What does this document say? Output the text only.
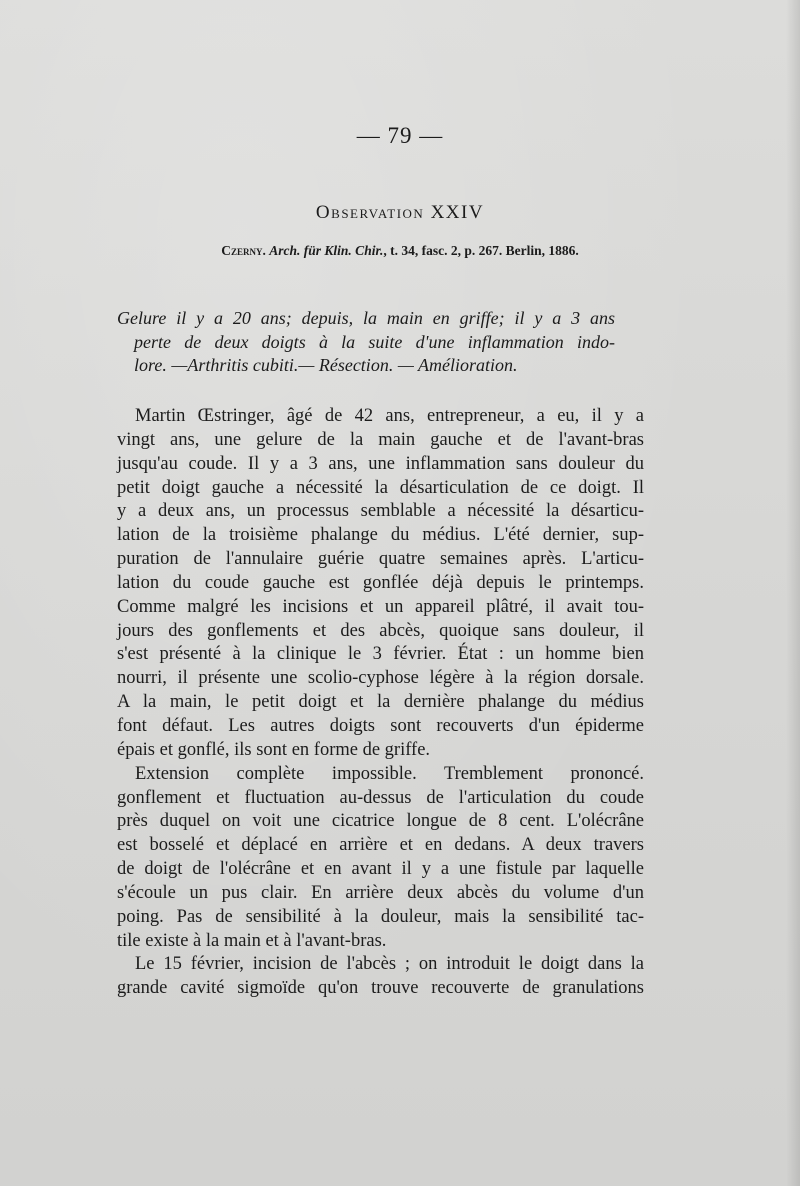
— 79 —
Observation XXIV
Czerny. Arch. für Klin. Chir., t. 34, fasc. 2, p. 267. Berlin, 1886.
Gelure il y a 20 ans; depuis, la main en griffe; il y a 3 ans
perte de deux doigts à la suite d'une inflammation indo-
lore. —Arthritis cubiti.— Résection. — Amélioration.
Martin Œstringer, âgé de 42 ans, entrepreneur, a eu, il y a
vingt ans, une gelure de la main gauche et de l'avant-bras
jusqu'au coude. Il y a 3 ans, une inflammation sans douleur du
petit doigt gauche a nécessité la désarticulation de ce doigt. Il
y a deux ans, un processus semblable a nécessité la désarticu-
lation de la troisième phalange du médius. L'été dernier, sup-
puration de l'annulaire guérie quatre semaines après. L'articu-
lation du coude gauche est gonflée déjà depuis le printemps.
Comme malgré les incisions et un appareil plâtré, il avait tou-
jours des gonflements et des abcès, quoique sans douleur, il
s'est présenté à la clinique le 3 février. État : un homme bien
nourri, il présente une scolio-cyphose légère à la région dorsale.
A la main, le petit doigt et la dernière phalange du médius
font défaut. Les autres doigts sont recouverts d'un épiderme
épais et gonflé, ils sont en forme de griffe.
Extension complète impossible. Tremblement prononcé.
gonflement et fluctuation au-dessus de l'articulation du coude
près duquel on voit une cicatrice longue de 8 cent. L'olécrâne
est bosselé et déplacé en arrière et en dedans. A deux travers
de doigt de l'olécrâne et en avant il y a une fistule par laquelle
s'écoule un pus clair. En arrière deux abcès du volume d'un
poing. Pas de sensibilité à la douleur, mais la sensibilité tac-
tile existe à la main et à l'avant-bras.
Le 15 février, incision de l'abcès ; on introduit le doigt dans la
grande cavité sigmoïde qu'on trouve recouverte de granulations
